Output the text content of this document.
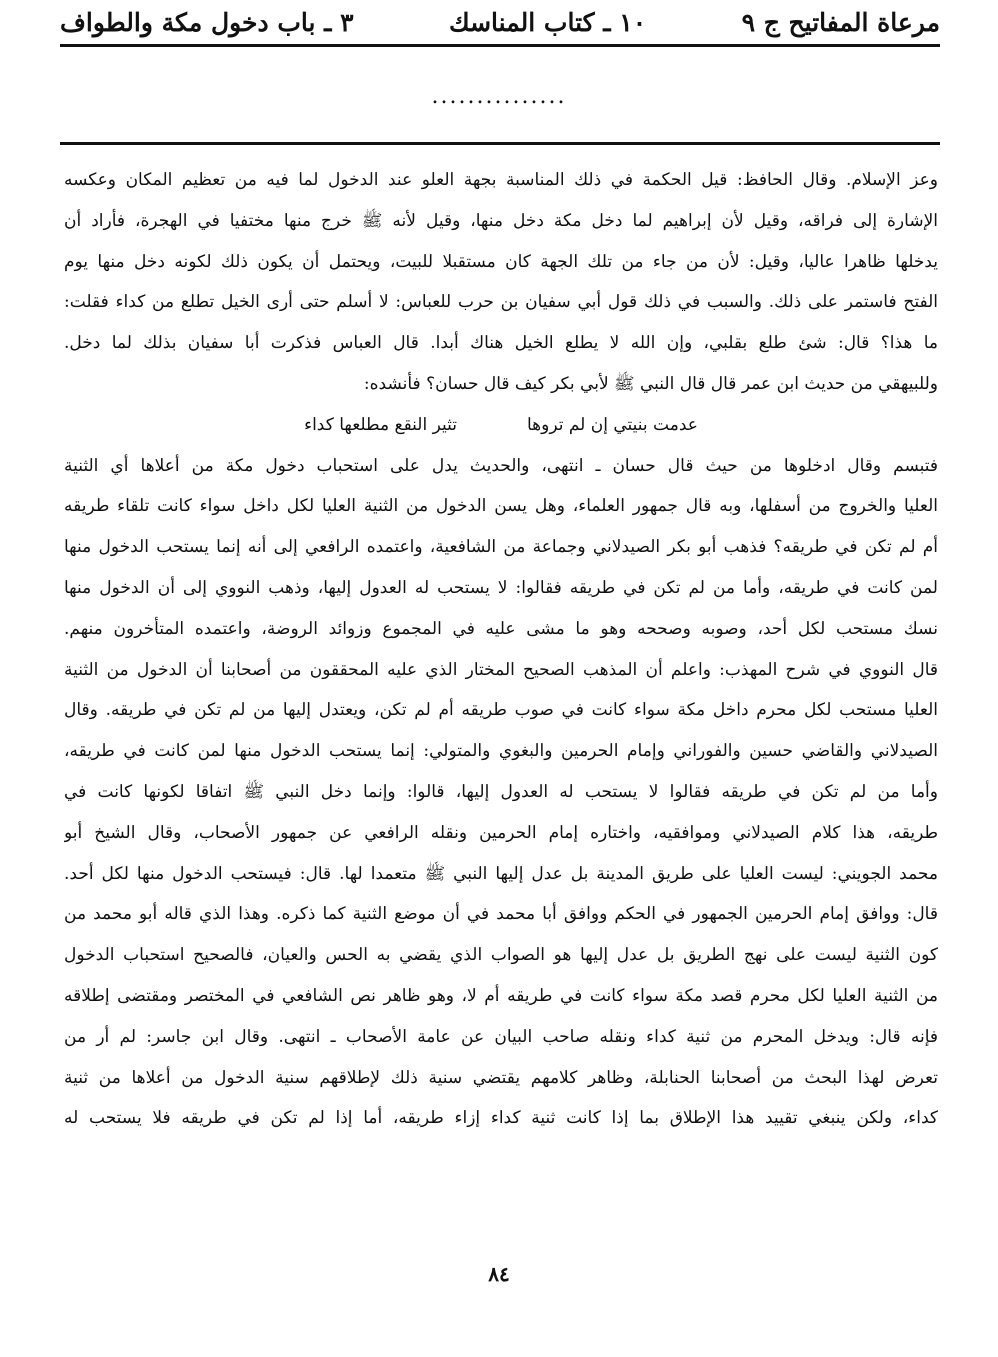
مرعاة المفاتيح ج ٩
١٠ ـ كتاب المناسك
٣ ـ باب دخول مكة والطواف
...............
وعز الإسلام. وقال الحافظ: قيل الحكمة في ذلك المناسبة بجهة العلو عند الدخول لما فيه من تعظيم المكان وعكسه
الإشارة إلى فراقه، وقيل لأن إبراهيم لما دخل مكة دخل منها، وقيل لأنه ﷺ خرج منها مختفيا في الهجرة، فأراد أن
يدخلها ظاهرا عاليا، وقيل: لأن من جاء من تلك الجهة كان مستقبلا للبيت، ويحتمل أن يكون ذلك لكونه دخل منها يوم
الفتح فاستمر على ذلك. والسبب في ذلك قول أبي سفيان بن حرب للعباس: لا أسلم حتى أرى الخيل تطلع من كداء فقلت:
ما هذا؟ قال: شئ طلع بقلبي، وإن الله لا يطلع الخيل هناك أبدا. قال العباس فذكرت أبا سفيان بذلك لما دخل.
وللبيهقي من حديث ابن عمر قال قال النبي ﷺ لأبي بكر كيف قال حسان؟ فأنشده:
عدمت بنيتي إن لم تروها
تثير النقع مطلعها كداء
فتبسم وقال ادخلوها من حيث قال حسان ـ انتهى، والحديث يدل على استحباب دخول مكة من أعلاها أي الثنية
العليا والخروج من أسفلها، وبه قال جمهور العلماء، وهل يسن الدخول من الثنية العليا لكل داخل سواء كانت تلقاء طريقه
أم لم تكن في طريقه؟ فذهب أبو بكر الصيدلاني وجماعة من الشافعية، واعتمده الرافعي إلى أنه إنما يستحب الدخول منها
لمن كانت في طريقه، وأما من لم تكن في طريقه فقالوا: لا يستحب له العدول إليها، وذهب النووي إلى أن الدخول منها
نسك مستحب لكل أحد، وصوبه وصححه وهو ما مشى عليه في المجموع وزوائد الروضة، واعتمده المتأخرون منهم.
قال النووي في شرح المهذب: واعلم أن المذهب الصحيح المختار الذي عليه المحققون من أصحابنا أن الدخول من الثنية
العليا مستحب لكل محرم داخل مكة سواء كانت في صوب طريقه أم لم تكن، ويعتدل إليها من لم تكن في طريقه. وقال
الصيدلاني والقاضي حسين والفوراني وإمام الحرمين والبغوي والمتولي: إنما يستحب الدخول منها لمن كانت في طريقه،
وأما من لم تكن في طريقه فقالوا لا يستحب له العدول إليها، قالوا: وإنما دخل النبي ﷺ اتفاقا لكونها كانت في
طريقه، هذا كلام الصيدلاني وموافقيه، واختاره إمام الحرمين ونقله الرافعي عن جمهور الأصحاب، وقال الشيخ أبو
محمد الجويني: ليست العليا على طريق المدينة بل عدل إليها النبي ﷺ متعمدا لها. قال: فيستحب الدخول منها لكل أحد.
قال: ووافق إمام الحرمين الجمهور في الحكم ووافق أبا محمد في أن موضع الثنية كما ذكره. وهذا الذي قاله أبو محمد من
كون الثنية ليست على نهج الطريق بل عدل إليها هو الصواب الذي يقضي به الحس والعيان، فالصحيح استحباب الدخول
من الثنية العليا لكل محرم قصد مكة سواء كانت في طريقه أم لا، وهو ظاهر نص الشافعي في المختصر ومقتضى إطلاقه
فإنه قال: ويدخل المحرم من ثنية كداء ونقله صاحب البيان عن عامة الأصحاب ـ انتهى. وقال ابن جاسر: لم أر من
تعرض لهذا البحث من أصحابنا الحنابلة، وظاهر كلامهم يقتضي سنية ذلك لإطلاقهم سنية الدخول من أعلاها من ثنية
كداء، ولكن ينبغي تقييد هذا الإطلاق بما إذا كانت ثنية كداء إزاء طريقه، أما إذا لم تكن في طريقه فلا يستحب له
٨٤
